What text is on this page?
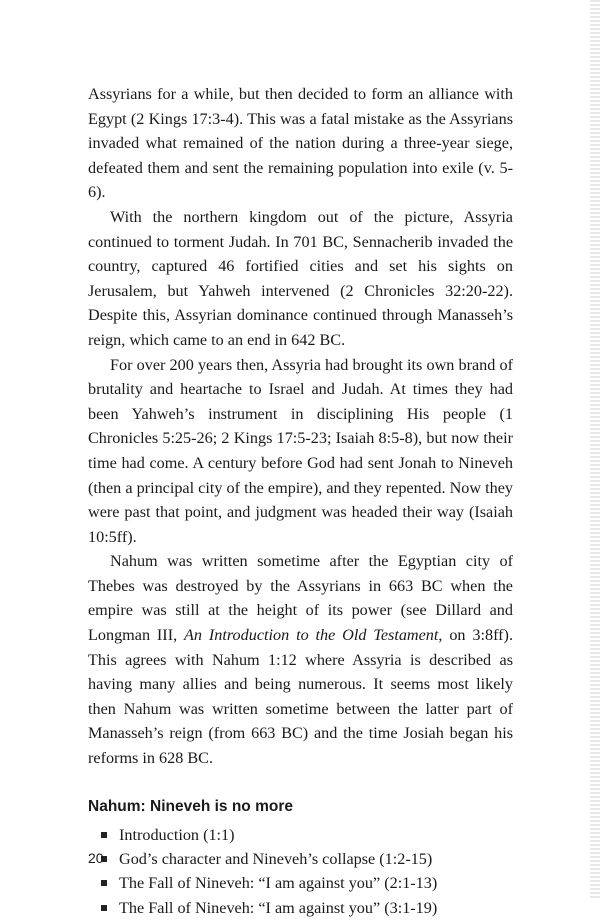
Assyrians for a while, but then decided to form an alliance with Egypt (2 Kings 17:3-4). This was a fatal mistake as the Assyrians invaded what remained of the nation during a three-year siege, defeated them and sent the remaining population into exile (v. 5-6).

With the northern kingdom out of the picture, Assyria continued to torment Judah. In 701 BC, Sennacherib invaded the country, captured 46 fortified cities and set his sights on Jerusalem, but Yahweh intervened (2 Chronicles 32:20-22). Despite this, Assyrian dominance continued through Manasseh’s reign, which came to an end in 642 BC.

For over 200 years then, Assyria had brought its own brand of brutality and heartache to Israel and Judah. At times they had been Yahweh’s instrument in disciplining His people (1 Chronicles 5:25-26; 2 Kings 17:5-23; Isaiah 8:5-8), but now their time had come. A century before God had sent Jonah to Nineveh (then a principal city of the empire), and they repented. Now they were past that point, and judgment was headed their way (Isaiah 10:5ff).

Nahum was written sometime after the Egyptian city of Thebes was destroyed by the Assyrians in 663 BC when the empire was still at the height of its power (see Dillard and Longman III, An Introduction to the Old Testament, on 3:8ff). This agrees with Nahum 1:12 where Assyria is described as having many allies and being numerous. It seems most likely then Nahum was written sometime between the latter part of Manasseh’s reign (from 663 BC) and the time Josiah began his reforms in 628 BC.

Nahum: Nineveh is no more
Introduction (1:1)
God’s character and Nineveh’s collapse (1:2-15)
The Fall of Nineveh: “I am against you” (2:1-13)
The Fall of Nineveh: “I am against you” (3:1-19)
20
